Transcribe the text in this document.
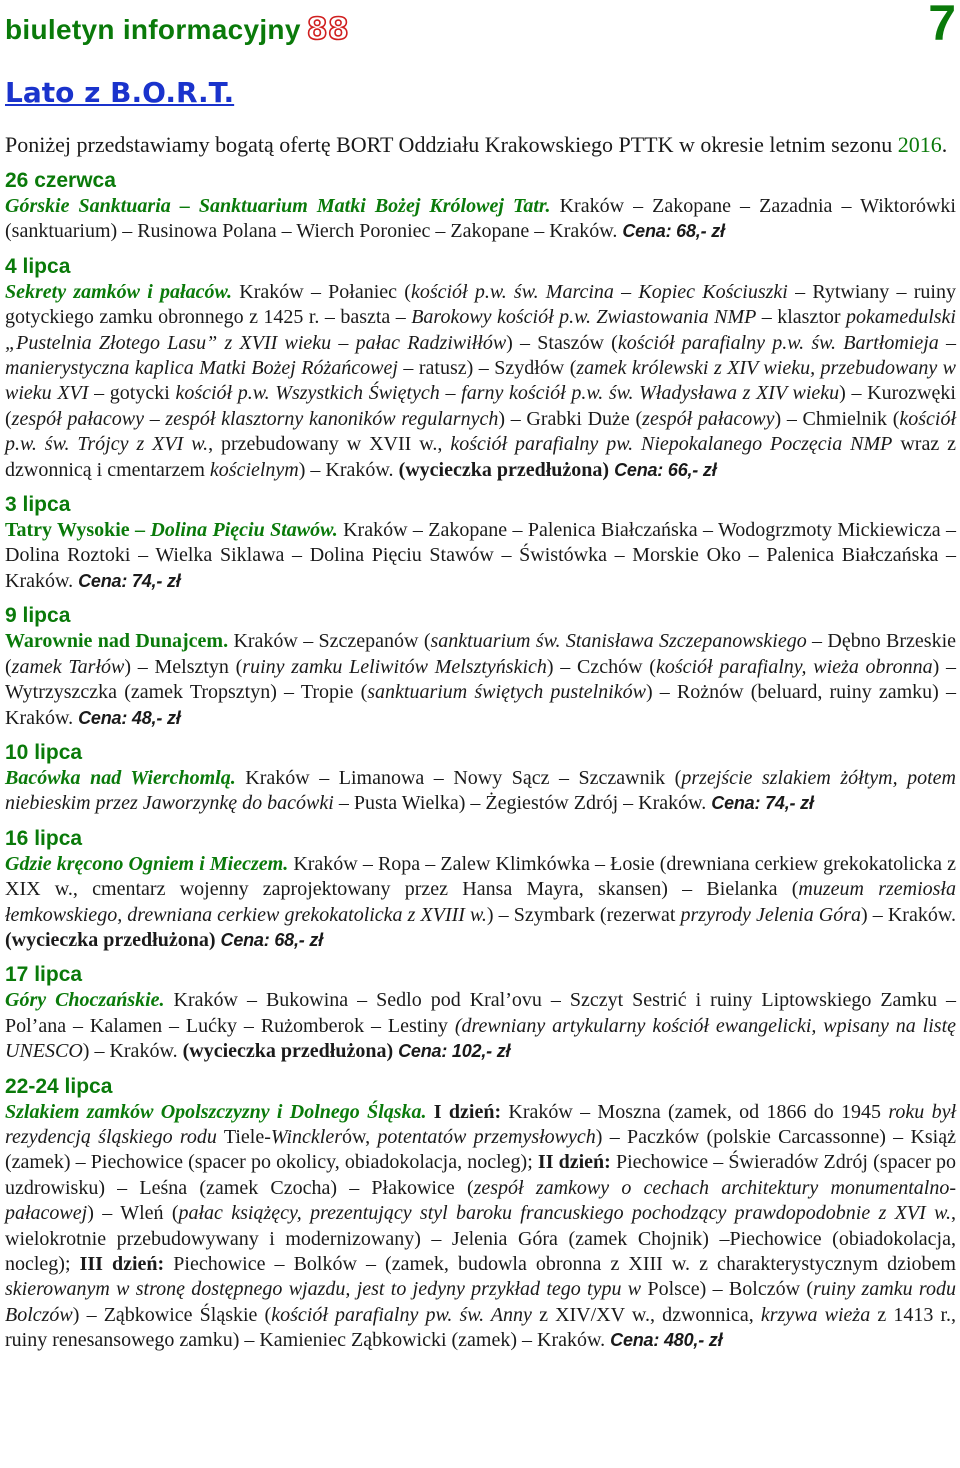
biuletyn informacyjny 88	7
Lato z B.O.R.T.
Poniżej przedstawiamy bogatą ofertę BORT Oddziału Krakowskiego PTTK w okresie letnim sezonu 2016.
26 czerwca
Górskie Sanktuaria – Sanktuarium Matki Bożej Królowej Tatr. Kraków – Zakopane – Zazadnia – Wiktorówki (sanktuarium) – Rusinowa Polana – Wierch Poroniec – Zakopane – Kraków. Cena: 68,- zł
4 lipca
Sekrety zamków i pałaców. Kraków – Połaniec (kościół p.w. św. Marcina – Kopiec Kościuszki – Rytwiany – ruiny gotyckiego zamku obronnego z 1425 r. – baszta – Barokowy kościół p.w. Zwiastowania NMP – klasztor pokamedulski „Pustelnia Złotego Lasu” z XVII wieku – pałac Radziwiłłów) – Staszów (kościół parafialny p.w. św. Bartłomieja – manierystyczna kaplica Matki Bożej Różańcowej – ratusz) – Szydłów (zamek królewski z XIV wieku, przebudowany w wieku XVI – gotycki kościół p.w. Wszystkich Świętych – farny kościół p.w. św. Władysława z XIV wieku) – Kurozwęki (zespół pałacowy – zespół klasztorny kanoników regularnych) – Grabki Duże (zespół pałacowy) – Chmielnik (kościół p.w. św. Trójcy z XVI w., przebudowany w XVII w., kościół parafialny pw. Niepokalanego Poczęcia NMP wraz z dzwonnicą i cmentarzem kościelnym) – Kraków. (wycieczka przedłużona) Cena: 66,- zł
3 lipca
Tatry Wysokie – Dolina Pięciu Stawów. Kraków – Zakopane – Palenica Białczańska – Wodogrzmoty Mickiewicza – Dolina Roztoki – Wielka Siklawa – Dolina Pięciu Stawów – Świstówka – Morskie Oko – Palenica Białczańska – Kraków. Cena: 74,- zł
9 lipca
Warownie nad Dunajcem. Kraków – Szczepanów (sanktuarium św. Stanisława Szczepanowskiego – Dębno Brzeskie (zamek Tarłów) – Melsztyn (ruiny zamku Leliwitów Melsztyńskich) – Czchów (kościół parafialny, wieża obronna) – Wytrzyszczka (zamek Tropsztyn) – Tropie (sanktuarium świętych pustelników) – Rożnów (beluard, ruiny zamku) – Kraków. Cena: 48,- zł
10 lipca
Bacówka nad Wierchomlą. Kraków – Limanowa – Nowy Sącz – Szczawnik (przejście szlakiem żółtym, potem niebieskim przez Jaworzynkę do bacówki – Pusta Wielka) – Żegiestów Zdrój – Kraków. Cena: 74,- zł
16 lipca
Gdzie kręcono Ogniem i Mieczem. Kraków – Ropa – Zalew Klimkówka – Łosie (drewniana cerkiew grekokatolicka z XIX w., cmentarz wojenny zaprojektowany przez Hansa Mayra, skansen) – Bielanka (muzeum rzemiosła łemkowskiego, drewniana cerkiew grekokatolicka z XVIII w.) – Szymbark (rezerwat przyrody Jelenia Góra) – Kraków. (wycieczka przedłużona) Cena: 68,- zł
17 lipca
Góry Choczańskie. Kraków – Bukowina – Sedlo pod Kral’ovu – Szczyt Sestrić i ruiny Liptowskiego Zamku – Pol’ana – Kalamen – Lućky – Rużomberok – Lestiny (drewniany artykularny kościół ewangelicki, wpisany na listę UNESCO) – Kraków. (wycieczka przedłużona) Cena: 102,- zł
22-24 lipca
Szlakiem zamków Opolszczyzny i Dolnego Śląska. I dzień: Kraków – Moszna (zamek, od 1866 do 1945 roku był rezydencją śląskiego rodu Tiele-Wincklerów, potentatów przemysłowych) – Paczków (polskie Carcassonne) – Książ (zamek) – Piechowice (spacer po okolicy, obiadokolacja, nocleg); II dzień: Piechowice – Świeradów Zdrój (spacer po uzdrowisku) – Leśna (zamek Czocha) – Płakowice (zespół zamkowy o cechach architektury monumentalno-pałacowej) – Wleń (pałac książęcy, prezentujący styl baroku francuskiego pochodzący prawdopodobnie z XVI w., wielokrotnie przebudowywany i modernizowany) – Jelenia Góra (zamek Chojnik) –Piechowice (obiadokolacja, nocleg); III dzień: Piechowice – Bolków – (zamek, budowla obronna z XIII w. z charakterystycznym dziobem skierowanym w stronę dostępnego wjazdu, jest to jedyny przykład tego typu w Polsce) – Bolczów (ruiny zamku rodu Bolczów) – Ząbkowice Śląskie (kościół parafialny pw. św. Anny z XIV/XV w., dzwonnica, krzywa wieża z 1413 r., ruiny renesansowego zamku) – Kamieniec Ząbkowicki (zamek) – Kraków. Cena: 480,- zł
